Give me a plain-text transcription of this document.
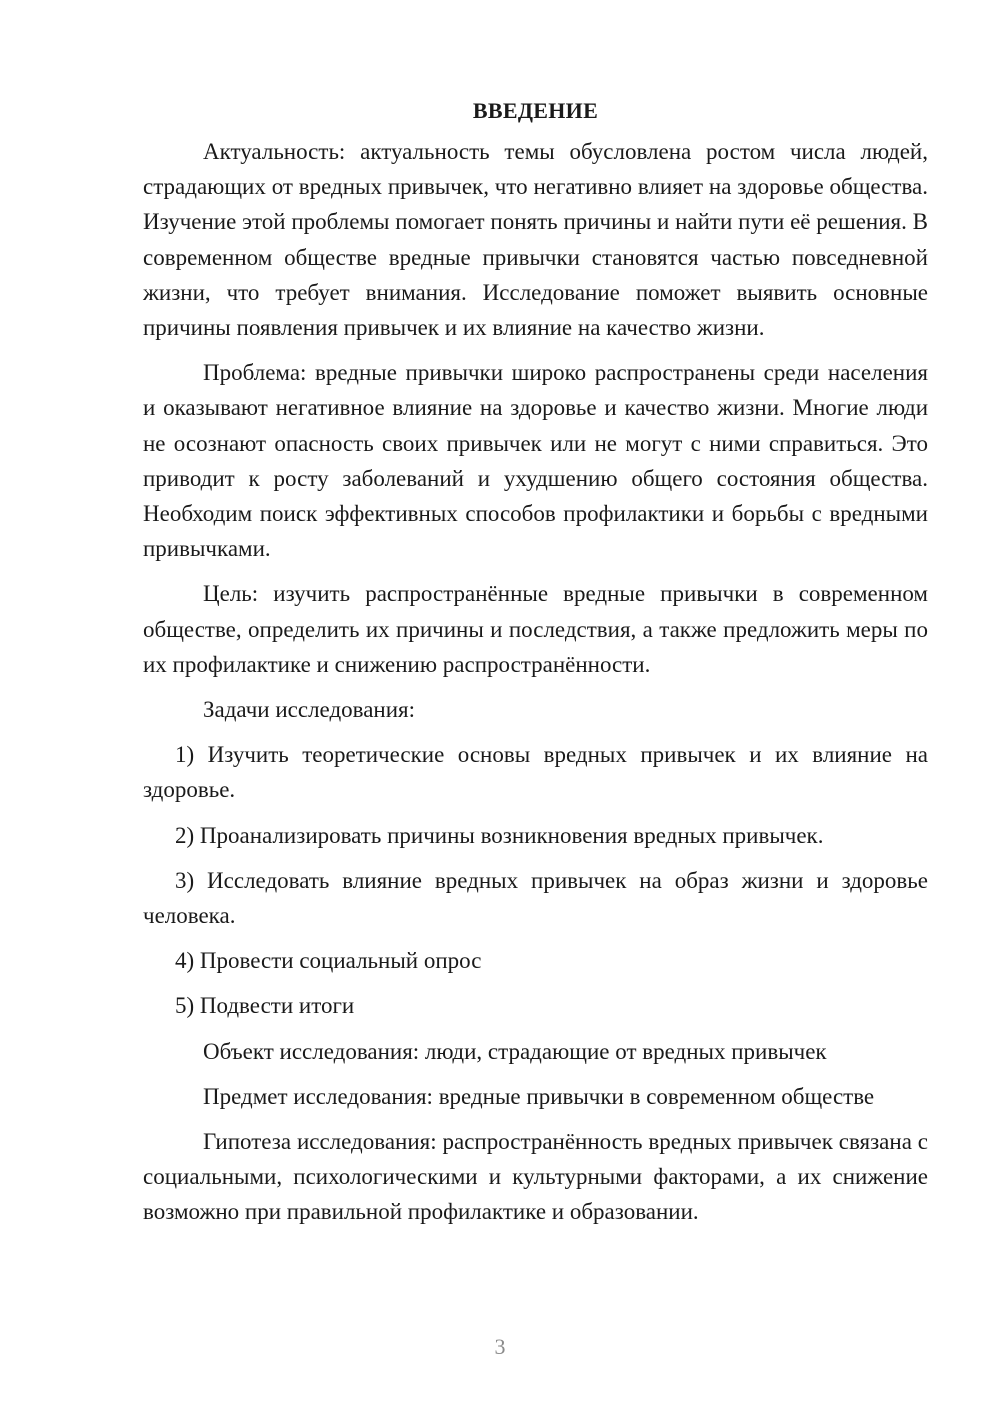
ВВЕДЕНИЕ

Актуальность: актуальность темы обусловлена ростом числа людей, страдающих от вредных привычек, что негативно влияет на здоровье общества. Изучение этой проблемы помогает понять причины и найти пути её решения. В современном обществе вредные привычки становятся частью повседневной жизни, что требует внимания. Исследование поможет выявить основные причины появления привычек и их влияние на качество жизни.

Проблема: вредные привычки широко распространены среди населения и оказывают негативное влияние на здоровье и качество жизни. Многие люди не осознают опасность своих привычек или не могут с ними справиться. Это приводит к росту заболеваний и ухудшению общего состояния общества. Необходим поиск эффективных способов профилактики и борьбы с вредными привычками.

Цель: изучить распространённые вредные привычки в современном обществе, определить их причины и последствия, а также предложить меры по их профилактике и снижению распространённости.

Задачи исследования:

1) Изучить теоретические основы вредных привычек и их влияние на здоровье.

2) Проанализировать причины возникновения вредных привычек.

3) Исследовать влияние вредных привычек на образ жизни и здоровье человека.

4) Провести социальный опрос

5) Подвести итоги

Объект исследования: люди, страдающие от вредных привычек

Предмет исследования: вредные привычки в современном обществе

Гипотеза исследования: распространённость вредных привычек связана с социальными, психологическими и культурными факторами, а их снижение возможно при правильной профилактике и образовании.

3
